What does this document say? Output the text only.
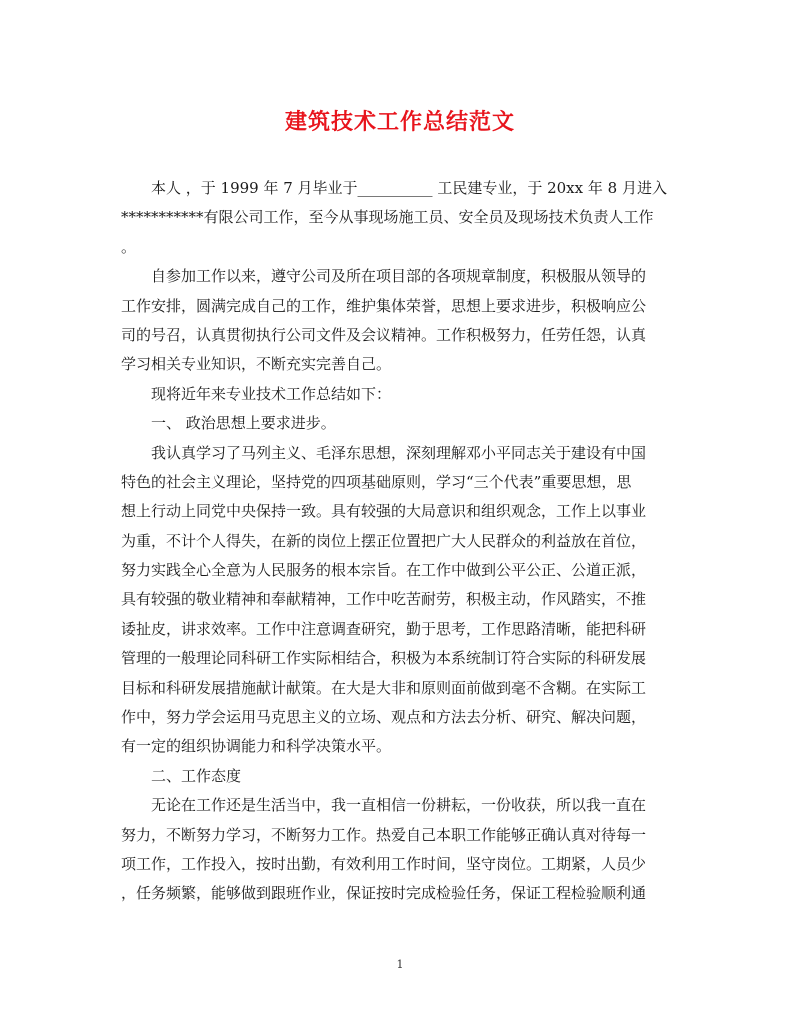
建筑技术工作总结范文
本人 ，于 1999 年 7 月毕业于__________ 工民建专业，于 20xx 年 8 月进入
***********有限公司工作，至今从事现场施工员、安全员及现场技术负责人工作
。
自参加工作以来，遵守公司及所在项目部的各项规章制度，积极服从领导的
工作安排，圆满完成自己的工作，维护集体荣誉，思想上要求进步，积极响应公
司的号召，认真贯彻执行公司文件及会议精神。工作积极努力，任劳任怨，认真
学习相关专业知识，不断充实完善自己。
现将近年来专业技术工作总结如下：
一、 政治思想上要求进步。
我认真学习了马列主义、毛泽东思想，深刻理解邓小平同志关于建设有中国
特色的社会主义理论，坚持党的四项基础原则，学习“三个代表”重要思想，思
想上行动上同党中央保持一致。具有较强的大局意识和组织观念，工作上以事业
为重，不计个人得失，在新的岗位上摆正位置把广大人民群众的利益放在首位，
努力实践全心全意为人民服务的根本宗旨。在工作中做到公平公正、公道正派，
具有较强的敬业精神和奉献精神，工作中吃苦耐劳，积极主动，作风踏实，不推
诿扯皮，讲求效率。工作中注意调查研究，勤于思考，工作思路清晰，能把科研
管理的一般理论同科研工作实际相结合，积极为本系统制订符合实际的科研发展
目标和科研发展措施献计献策。在大是大非和原则面前做到毫不含糊。在实际工
作中，努力学会运用马克思主义的立场、观点和方法去分析、研究、解决问题，
有一定的组织协调能力和科学决策水平。
二、工作态度
无论在工作还是生活当中，我一直相信一份耕耘，一份收获，所以我一直在
努力，不断努力学习，不断努力工作。热爱自己本职工作能够正确认真对待每一
项工作，工作投入，按时出勤，有效利用工作时间，坚守岗位。工期紧，人员少
，任务频繁，能够做到跟班作业，保证按时完成检验任务，保证工程检验顺利通
1
